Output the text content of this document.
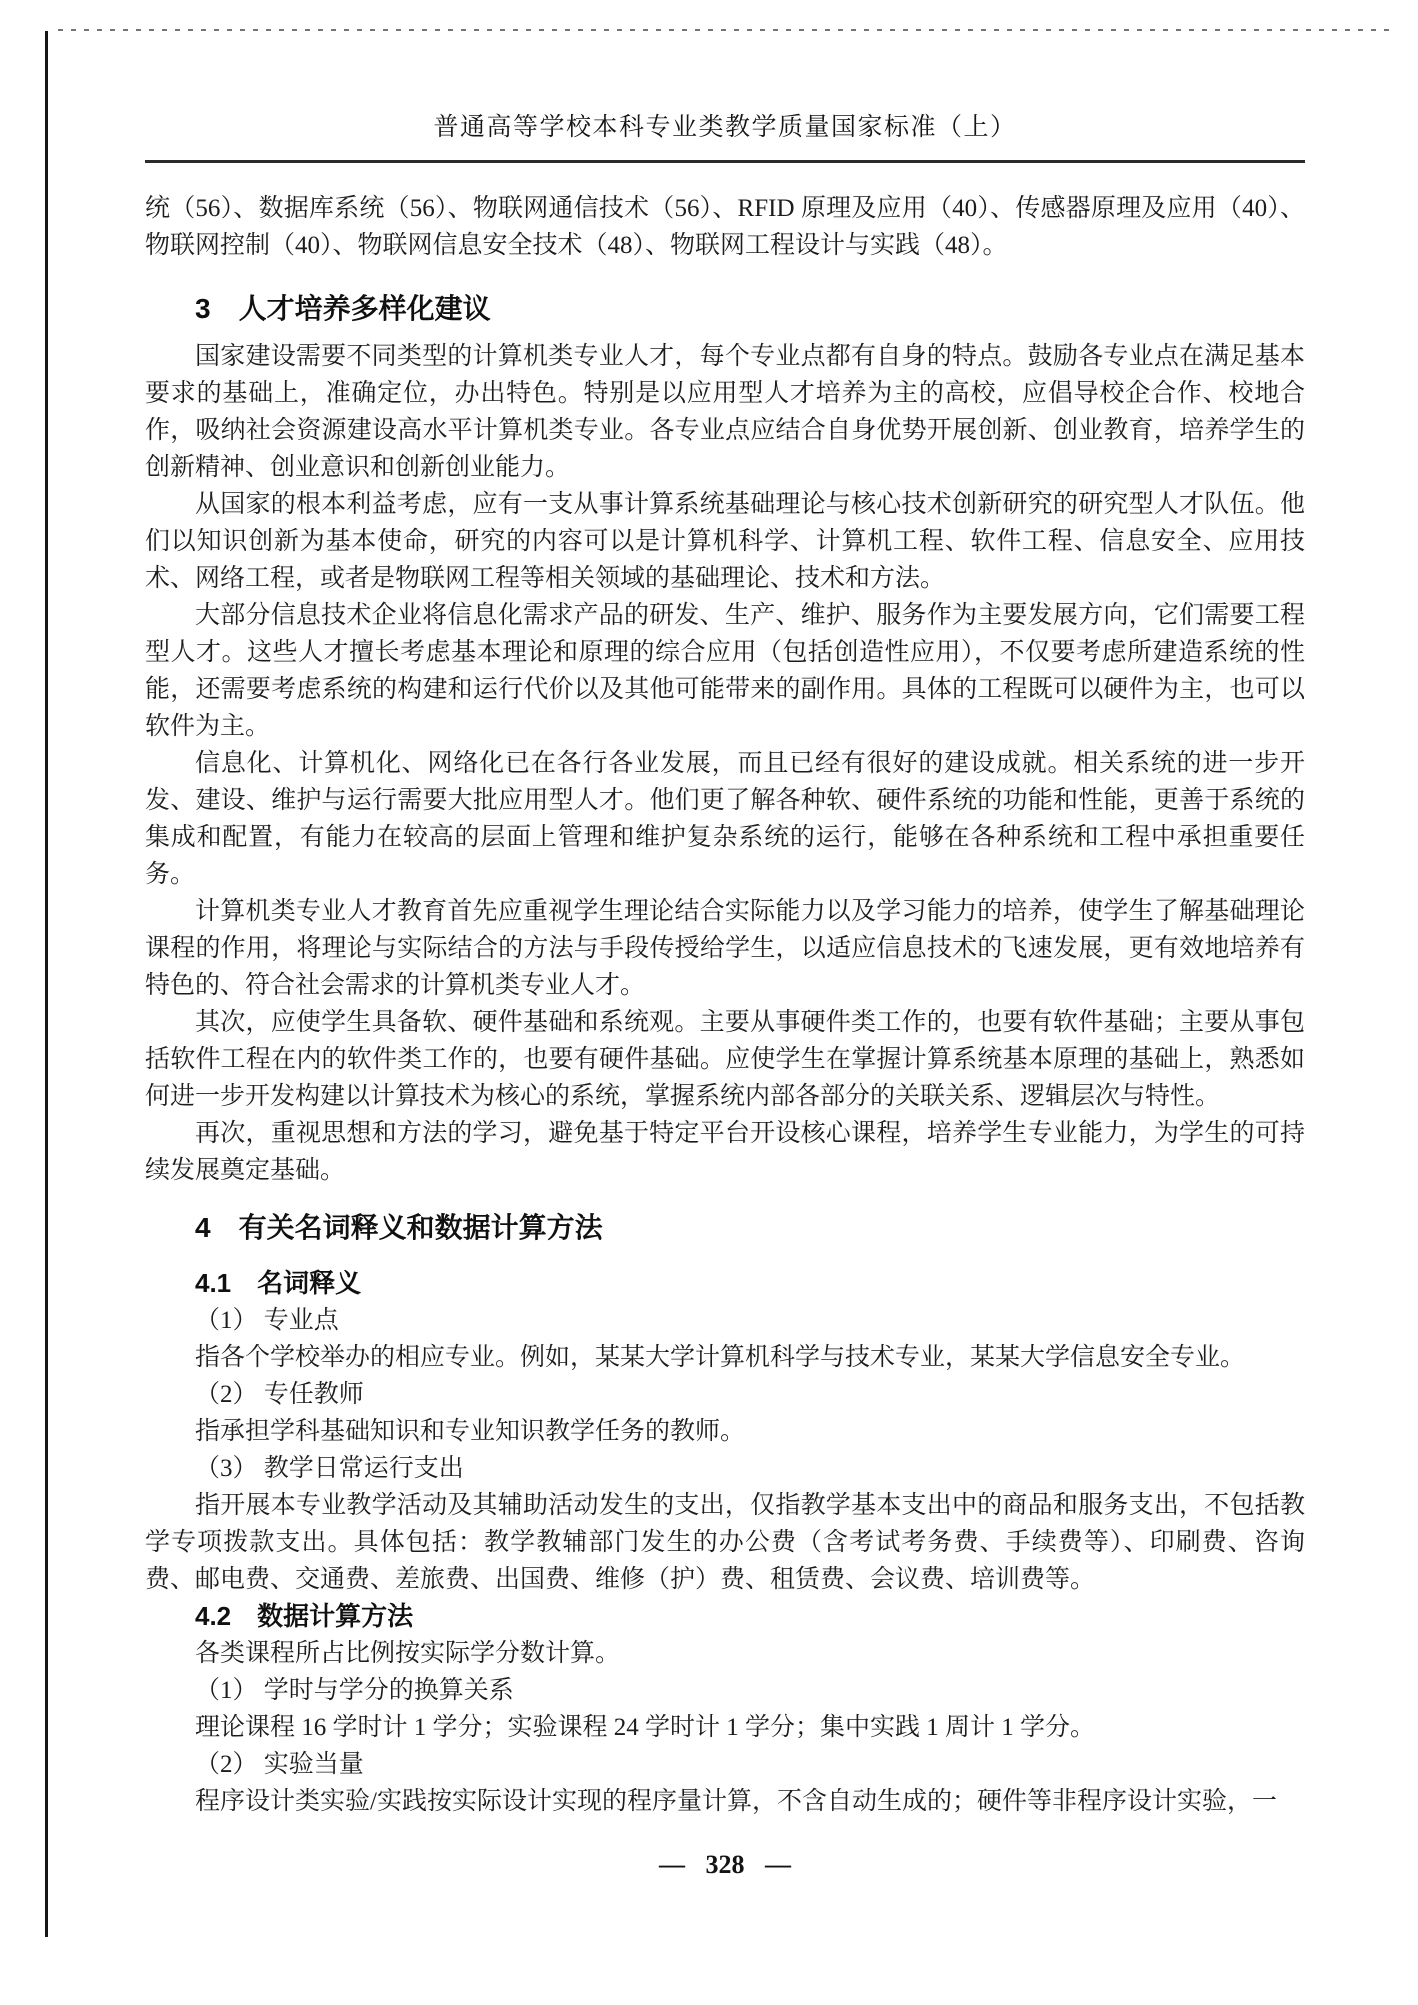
普通高等学校本科专业类教学质量国家标准（上）

统（56）、数据库系统（56）、物联网通信技术（56）、RFID 原理及应用（40）、传感器原理及应用（40）、物联网控制（40）、物联网信息安全技术（48）、物联网工程设计与实践（48）。

3　人才培养多样化建议

国家建设需要不同类型的计算机类专业人才，每个专业点都有自身的特点。鼓励各专业点在满足基本要求的基础上，准确定位，办出特色。特别是以应用型人才培养为主的高校，应倡导校企合作、校地合作，吸纳社会资源建设高水平计算机类专业。各专业点应结合自身优势开展创新、创业教育，培养学生的创新精神、创业意识和创新创业能力。

从国家的根本利益考虑，应有一支从事计算系统基础理论与核心技术创新研究的研究型人才队伍。他们以知识创新为基本使命，研究的内容可以是计算机科学、计算机工程、软件工程、信息安全、应用技术、网络工程，或者是物联网工程等相关领域的基础理论、技术和方法。

大部分信息技术企业将信息化需求产品的研发、生产、维护、服务作为主要发展方向，它们需要工程型人才。这些人才擅长考虑基本理论和原理的综合应用（包括创造性应用），不仅要考虑所建造系统的性能，还需要考虑系统的构建和运行代价以及其他可能带来的副作用。具体的工程既可以硬件为主，也可以软件为主。

信息化、计算机化、网络化已在各行各业发展，而且已经有很好的建设成就。相关系统的进一步开发、建设、维护与运行需要大批应用型人才。他们更了解各种软、硬件系统的功能和性能，更善于系统的集成和配置，有能力在较高的层面上管理和维护复杂系统的运行，能够在各种系统和工程中承担重要任务。

计算机类专业人才教育首先应重视学生理论结合实际能力以及学习能力的培养，使学生了解基础理论课程的作用，将理论与实际结合的方法与手段传授给学生，以适应信息技术的飞速发展，更有效地培养有特色的、符合社会需求的计算机类专业人才。

其次，应使学生具备软、硬件基础和系统观。主要从事硬件类工作的，也要有软件基础；主要从事包括软件工程在内的软件类工作的，也要有硬件基础。应使学生在掌握计算系统基本原理的基础上，熟悉如何进一步开发构建以计算技术为核心的系统，掌握系统内部各部分的关联关系、逻辑层次与特性。

再次，重视思想和方法的学习，避免基于特定平台开设核心课程，培养学生专业能力，为学生的可持续发展奠定基础。

4　有关名词释义和数据计算方法
4.1　名词释义

（1） 专业点

指各个学校举办的相应专业。例如，某某大学计算机科学与技术专业，某某大学信息安全专业。

（2） 专任教师

指承担学科基础知识和专业知识教学任务的教师。

（3） 教学日常运行支出

指开展本专业教学活动及其辅助活动发生的支出，仅指教学基本支出中的商品和服务支出，不包括教学专项拨款支出。具体包括：教学教辅部门发生的办公费（含考试考务费、手续费等）、印刷费、咨询费、邮电费、交通费、差旅费、出国费、维修（护）费、租赁费、会议费、培训费等。

4.2　数据计算方法

各类课程所占比例按实际学分数计算。

（1） 学时与学分的换算关系

理论课程 16 学时计 1 学分；实验课程 24 学时计 1 学分；集中实践 1 周计 1 学分。

（2） 实验当量

程序设计类实验/实践按实际设计实现的程序量计算，不含自动生成的；硬件等非程序设计实验，一

— 328 —
